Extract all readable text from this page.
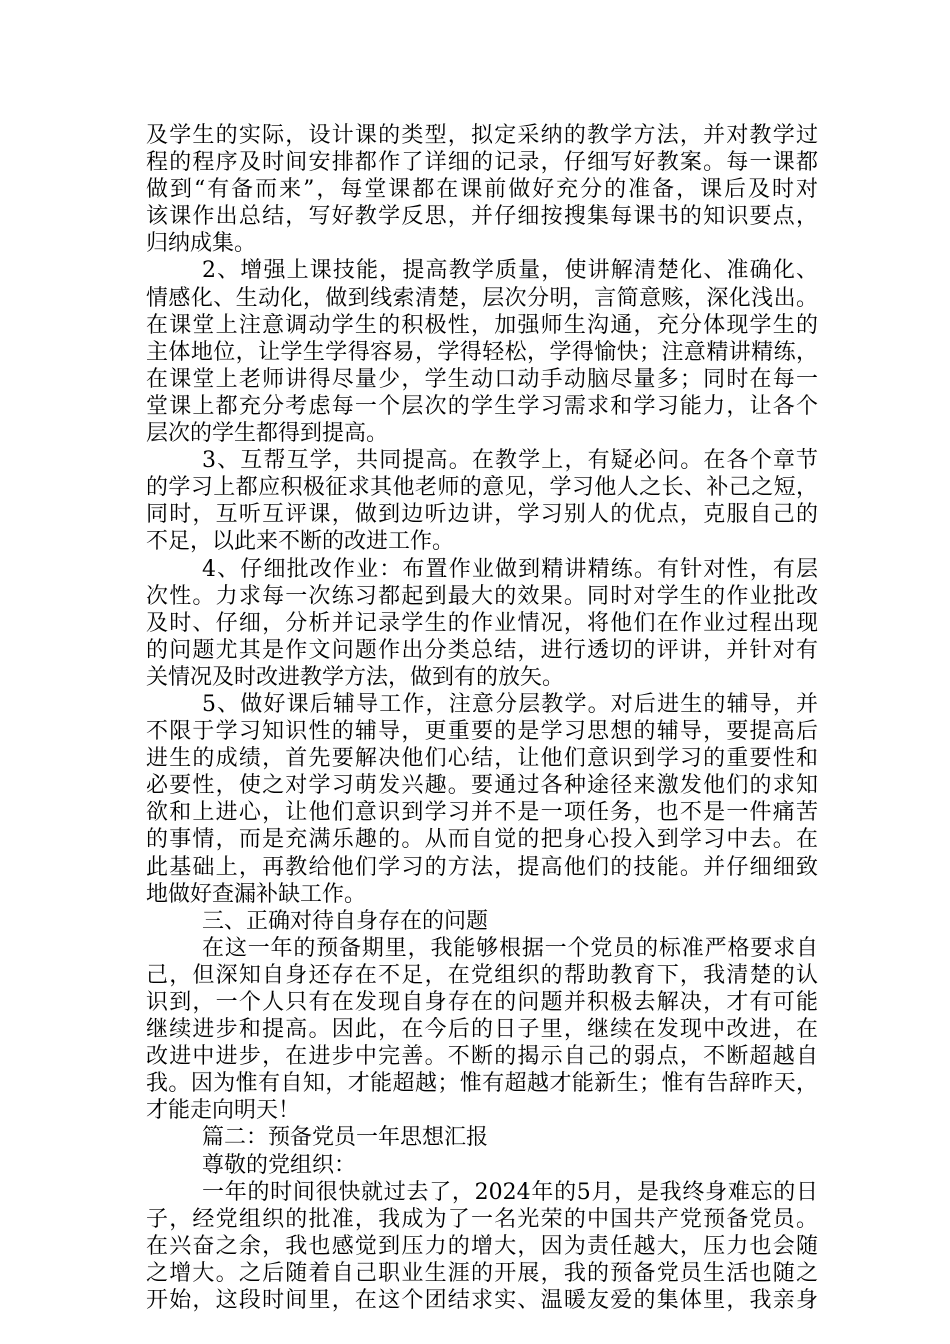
及学生的实际，设计课的类型，拟定采纳的教学方法，并对教学过
程的程序及时间安排都作了详细的记录，仔细写好教案。每一课都
做到“有备而来”，每堂课都在课前做好充分的准备，课后及时对
该课作出总结，写好教学反思，并仔细按搜集每课书的知识要点，
归纳成集。
2、增强上课技能，提高教学质量，使讲解清楚化、准确化、
情感化、生动化，做到线索清楚，层次分明，言简意赅，深化浅出。
在课堂上注意调动学生的积极性，加强师生沟通，充分体现学生的
主体地位，让学生学得容易，学得轻松，学得愉快；注意精讲精练，
在课堂上老师讲得尽量少，学生动口动手动脑尽量多；同时在每一
堂课上都充分考虑每一个层次的学生学习需求和学习能力，让各个
层次的学生都得到提高。
3、互帮互学，共同提高。在教学上，有疑必问。在各个章节
的学习上都应积极征求其他老师的意见，学习他人之长、补己之短，
同时，互听互评课，做到边听边讲，学习别人的优点，克服自己的
不足，以此来不断的改进工作。
4、仔细批改作业：布置作业做到精讲精练。有针对性，有层
次性。力求每一次练习都起到最大的效果。同时对学生的作业批改
及时、仔细，分析并记录学生的作业情况，将他们在作业过程出现
的问题尤其是作文问题作出分类总结，进行透切的评讲，并针对有
关情况及时改进教学方法，做到有的放矢。
5、做好课后辅导工作，注意分层教学。对后进生的辅导，并
不限于学习知识性的辅导，更重要的是学习思想的辅导，要提高后
进生的成绩，首先要解决他们心结，让他们意识到学习的重要性和
必要性，使之对学习萌发兴趣。要通过各种途径来激发他们的求知
欲和上进心，让他们意识到学习并不是一项任务，也不是一件痛苦
的事情，而是充满乐趣的。从而自觉的把身心投入到学习中去。在
此基础上，再教给他们学习的方法，提高他们的技能。并仔细细致
地做好查漏补缺工作。
三、正确对待自身存在的问题
在这一年的预备期里，我能够根据一个党员的标准严格要求自
己，但深知自身还存在不足，在党组织的帮助教育下，我清楚的认
识到，一个人只有在发现自身存在的问题并积极去解决，才有可能
继续进步和提高。因此，在今后的日子里，继续在发现中改进，在
改进中进步，在进步中完善。不断的揭示自己的弱点，不断超越自
我。因为惟有自知，才能超越；惟有超越才能新生；惟有告辞昨天，
才能走向明天！
篇二：预备党员一年思想汇报
尊敬的党组织：
一年的时间很快就过去了，2024年的5月，是我终身难忘的日
子，经党组织的批准，我成为了一名光荣的中国共产党预备党员。
在兴奋之余，我也感觉到压力的增大，因为责任越大，压力也会随
之增大。之后随着自己职业生涯的开展，我的预备党员生活也随之
开始，这段时间里，在这个团结求实、温暖友爱的集体里，我亲身
